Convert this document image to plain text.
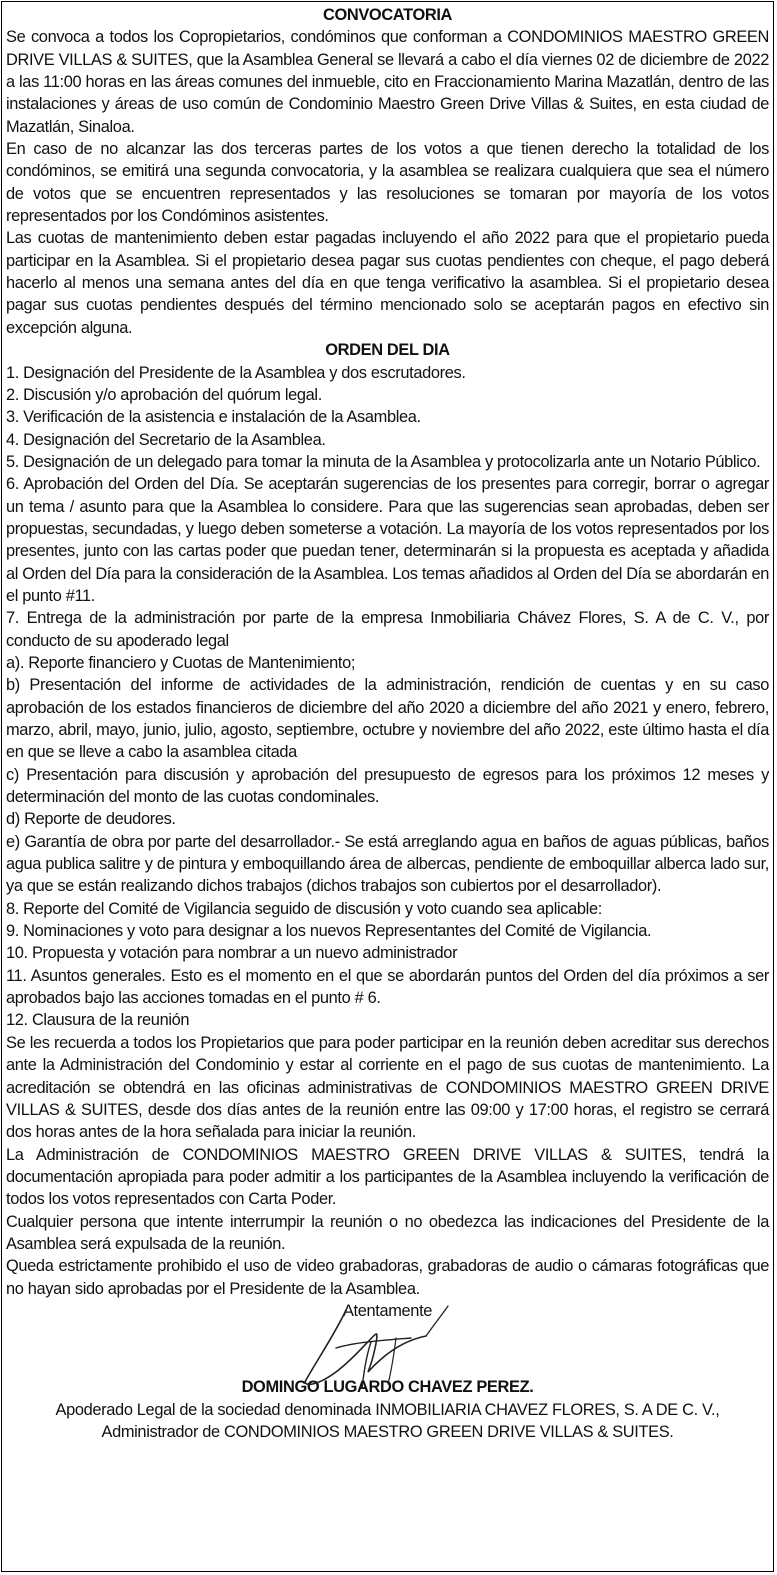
CONVOCATORIA

Se convoca a todos los Copropietarios, condóminos que conforman a CONDOMINIOS MAESTRO GREEN DRIVE VILLAS & SUITES, que la Asamblea General se llevará a cabo el día viernes 02 de diciembre de 2022 a las 11:00 horas en las áreas comunes del inmueble, cito en Fraccionamiento Marina Mazatlán, dentro de las instalaciones y áreas de uso común de Condominio Maestro Green Drive Villas & Suites, en esta ciudad de Mazatlán, Sinaloa.

En caso de no alcanzar las dos terceras partes de los votos a que tienen derecho la totalidad de los condóminos, se emitirá una segunda convocatoria, y la asamblea se realizara cualquiera que sea el número de votos que se encuentren representados y las resoluciones se tomaran por mayoría de los votos representados por los Condóminos asistentes.

Las cuotas de mantenimiento deben estar pagadas incluyendo el año 2022 para que el propietario pueda participar en la Asamblea. Si el propietario desea pagar sus cuotas pendientes con cheque, el pago deberá hacerlo al menos una semana antes del día en que tenga verificativo la asamblea. Si el propietario desea pagar sus cuotas pendientes después del término mencionado solo se aceptarán pagos en efectivo sin excepción alguna.

ORDEN DEL DIA

1. Designación del Presidente de la Asamblea y dos escrutadores.

2. Discusión y/o aprobación del quórum legal.

3. Verificación de la asistencia e instalación de la Asamblea.

4. Designación del Secretario de la Asamblea.

5. Designación de un delegado para tomar la minuta de la Asamblea y protocolizarla ante un Notario Público.

6. Aprobación del Orden del Día. Se aceptarán sugerencias de los presentes para corregir, borrar o agregar un tema / asunto para que la Asamblea lo considere. Para que las sugerencias sean aprobadas, deben ser propuestas, secundadas, y luego deben someterse a votación. La mayoría de los votos representados por los presentes, junto con las cartas poder que puedan tener, determinarán si la propuesta es aceptada y añadida al Orden del Día para la consideración de la Asamblea. Los temas añadidos al Orden del Día se abordarán en el punto #11.

7. Entrega de la administración por parte de la empresa Inmobiliaria Chávez Flores, S. A de C. V., por conducto de su apoderado legal

a). Reporte financiero y Cuotas de Mantenimiento;

b) Presentación del informe de actividades de la administración, rendición de cuentas y en su caso aprobación de los estados financieros de diciembre del año 2020 a diciembre del año 2021 y enero, febrero, marzo, abril, mayo, junio, julio, agosto, septiembre, octubre y noviembre del año 2022, este último hasta el día en que se lleve a cabo la asamblea citada

c) Presentación para discusión y aprobación del presupuesto de egresos para los próximos 12 meses y determinación del monto de las cuotas condominales.

d) Reporte de deudores.

e) Garantía de obra por parte del desarrollador.- Se está arreglando agua en baños de aguas públicas, baños agua publica salitre y de pintura y emboquillando área de albercas, pendiente de emboquillar alberca lado sur, ya que se están realizando dichos trabajos (dichos trabajos son cubiertos por el desarrollador).

8. Reporte del Comité de Vigilancia seguido de discusión y voto cuando sea aplicable:

9. Nominaciones y voto para designar a los nuevos Representantes del Comité de Vigilancia.

10. Propuesta y votación para nombrar a un nuevo administrador

11. Asuntos generales. Esto es el momento en el que se abordarán puntos del Orden del día próximos a ser aprobados bajo las acciones tomadas en el punto # 6.

12. Clausura de la reunión

Se les recuerda a todos los Propietarios que para poder participar en la reunión deben acreditar sus derechos ante la Administración del Condominio y estar al corriente en el pago de sus cuotas de mantenimiento. La acreditación se obtendrá en las oficinas administrativas de CONDOMINIOS MAESTRO GREEN DRIVE VILLAS & SUITES, desde dos días antes de la reunión entre las 09:00 y 17:00 horas, el registro se cerrará dos horas antes de la hora señalada para iniciar la reunión.

La Administración de CONDOMINIOS MAESTRO GREEN DRIVE VILLAS & SUITES, tendrá la documentación apropiada para poder admitir a los participantes de la Asamblea incluyendo la verificación de todos los votos representados con Carta Poder.

Cualquier persona que intente interrumpir la reunión o no obedezca las indicaciones del Presidente de la Asamblea será expulsada de la reunión.

Queda estrictamente prohibido el uso de video grabadoras, grabadoras de audio o cámaras fotográficas que no hayan sido aprobadas por el Presidente de la Asamblea.

Atentamente

DOMINGO LUGARDO CHAVEZ PEREZ.

Apoderado Legal de la sociedad denominada INMOBILIARIA CHAVEZ FLORES, S. A DE C. V.,

Administrador de CONDOMINIOS MAESTRO GREEN DRIVE VILLAS & SUITES.
